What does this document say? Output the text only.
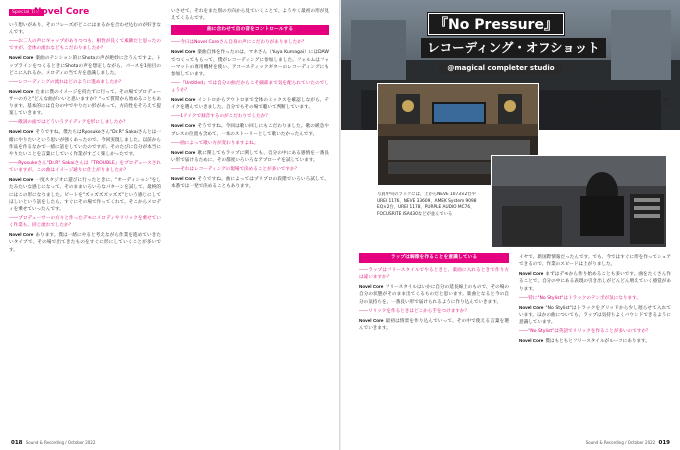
Special Talk
Novel Core
いう想いがあり、そのフレーズがどこにはまるかを合わせ込むのが好きなんです。
――お二人の声にギャップがありつつも、相性が良くて素敵だと思ったのですが、全体の流れなどもこだわりましたか？
Novel Core 楽曲のテンション的にShotaの声が絶妙に合うんですよ。トップラインをつくるときにShotaの声を想定しながら、パースを1拍目のどこに入れるか、メロディの当て方を意識しました。
――レコーディングの流れはどのように進めましたか？
Novel Core たまに僕のイメージを持たずに行って、その場でプロデューサーの方と"どんな曲がいいと思いますか？"って質問から始めることもあります。基本的には自分の中でやりたい形があって、方向性をそろえて提案していきます。
――歌詞の面ではどういうアイディアを形にしましたか？
Novel Core そうですね。僕たちはRyosukeさん"Dr.R" Sakaiさんとは一緒にやりたいという思いが強くあったので、今回実現しました。以前から作品を作るなかで一緒に話をしていたのですが、そのたびに自分が本当にやりたいことを言葉にしていく作業がすごく楽しかったです。
――Ryosukeさん"Dr.R" Sakaiさんは『TROUBLE』をプロデュースされていますが、この曲はイメージ通りに仕上がりましたか？
Novel Core 一度スタジオに遊びに行ったときに、"オーディション"をしたみたいな感じになって、そのままいろいろなパターンを試して、最終的にはこの形になりました。ビートを"ズッズズズッズズ"という感じにしてほしいという話をしたら、すぐにその場で作ってくれて。そこからメロディを乗せていったんです。
――プロデューサーの方々と作ったデモにメロディやリリックを乗せていく作業も、同じ流れでしたか？
Novel Core あります。僕は一緒にやると考えながら作業を進めていきたいタイプで、その場で出てきたものをすぐに形にしていくことが多いです。
いさせて、それをまた別の方向から見ていくことで、ようやく最初の形が見えてくるんです。
曲に合わせて自の音をコントロールする
――今日はNovel Coreさん自身の声にこだわりがありましたか？
Novel Core 楽曲自体を作ったのは、マネさん（Yuya Kumagai）にはDAWでつくってもらって、僕がレコーディングに参加しました。フォルムはフォーマットの専用機材を使い、アコースティックギターのレコーディングにも参加しています。
――『Untitled』では自分の曲だからこそ細部まで気を配られていたのでしょうか？
Novel Core イントロからアウトロまで全体のミックスを確認しながら、テイクを選んでいきました。自分でもその場で聴いて判断しています。
――1テイクで録音するのがこだわりでしたか？
Novel Core そうですね。今回は歌い回しにもこだわりました。歌の緩急やブレスの位置も含めて、一本のストーリーとして歌いたかったんです。
――曲によって歌い方が変わりますよね。
Novel Core 歌に関してもラップに関しても、自分の中にある感情を一番良い形で届けるために、その都度いろいろなアプローチを試しています。
――それはレコーディングの現場で決めることが多いですか？
Novel Core そうですね。曲によってはプリプロの段階でいろいろ試して、本番では一発で決めることもあります。
018 Sound & Recording / October 2022
『No Pressure』
レコーディング・オフショット
@magical completer studio
『BABEL』や『Untitled』などのボーカルやギターをレコーディングしたmagical completer studio。录音機材はAVID Pro Toolsのセッション管理。主なモニターはADAM Audio、コンソールはSSL AWS 916。モニター・スピーカーは大口径パワード・モニターMUSIKELECTRONIC GEITHAIN RL900と、YAMAHA NS-10M Studioを使用しました
写真中央のラックには、上からNEVE 1073×2台やUREI 1176、NEVE 33609、AMEK System 9098 EQ×2台、UREI 1178、PURPLE AUDIO MC76、FOCUSRITE ISA430などが並んでいる
ラップは解像を作ることを意識している
――ラップはフリースタイルでやるときと、楽曲に入れるときで作り方は違いますか？
Novel Core フリースタイルはいかに自分の延長線上のもので、その場の自分の状態がそのまま出てくるものだと思います。楽曲となると今の自分の気持ちを、一番良い形で届けられるように作り込んでいきます。
――リリックを作るときはどこから手をつけますか？
Novel Core 最初は情景を作り込んでいって、その中で使える言葉を選んでいきます。
イヤで、新国際情報だったんです。でも、今ではすぐに形を作ってシェアできるので、作業のスピードは上がりました。
Novel Core まずはデモから作り始めることも多いです。曲をたくさん作ることで、自分の中にある表現の引き出しがどんどん増えていく感覚があります。
――特に"No Stylist"はトラックのテンポが気になります。
Novel Core "No Stylist"はトラックをグリッドから少し遅らせて入れています。ほかの曲についても、ラップは気持ちよくバウンドできるように意識しています。
――"No Stylist"は英語でリリックを作ることが多いのですか？
Novel Core 僕はもともとフリースタイルがルーツにあります。
Sound & Recording / October 2022 019
